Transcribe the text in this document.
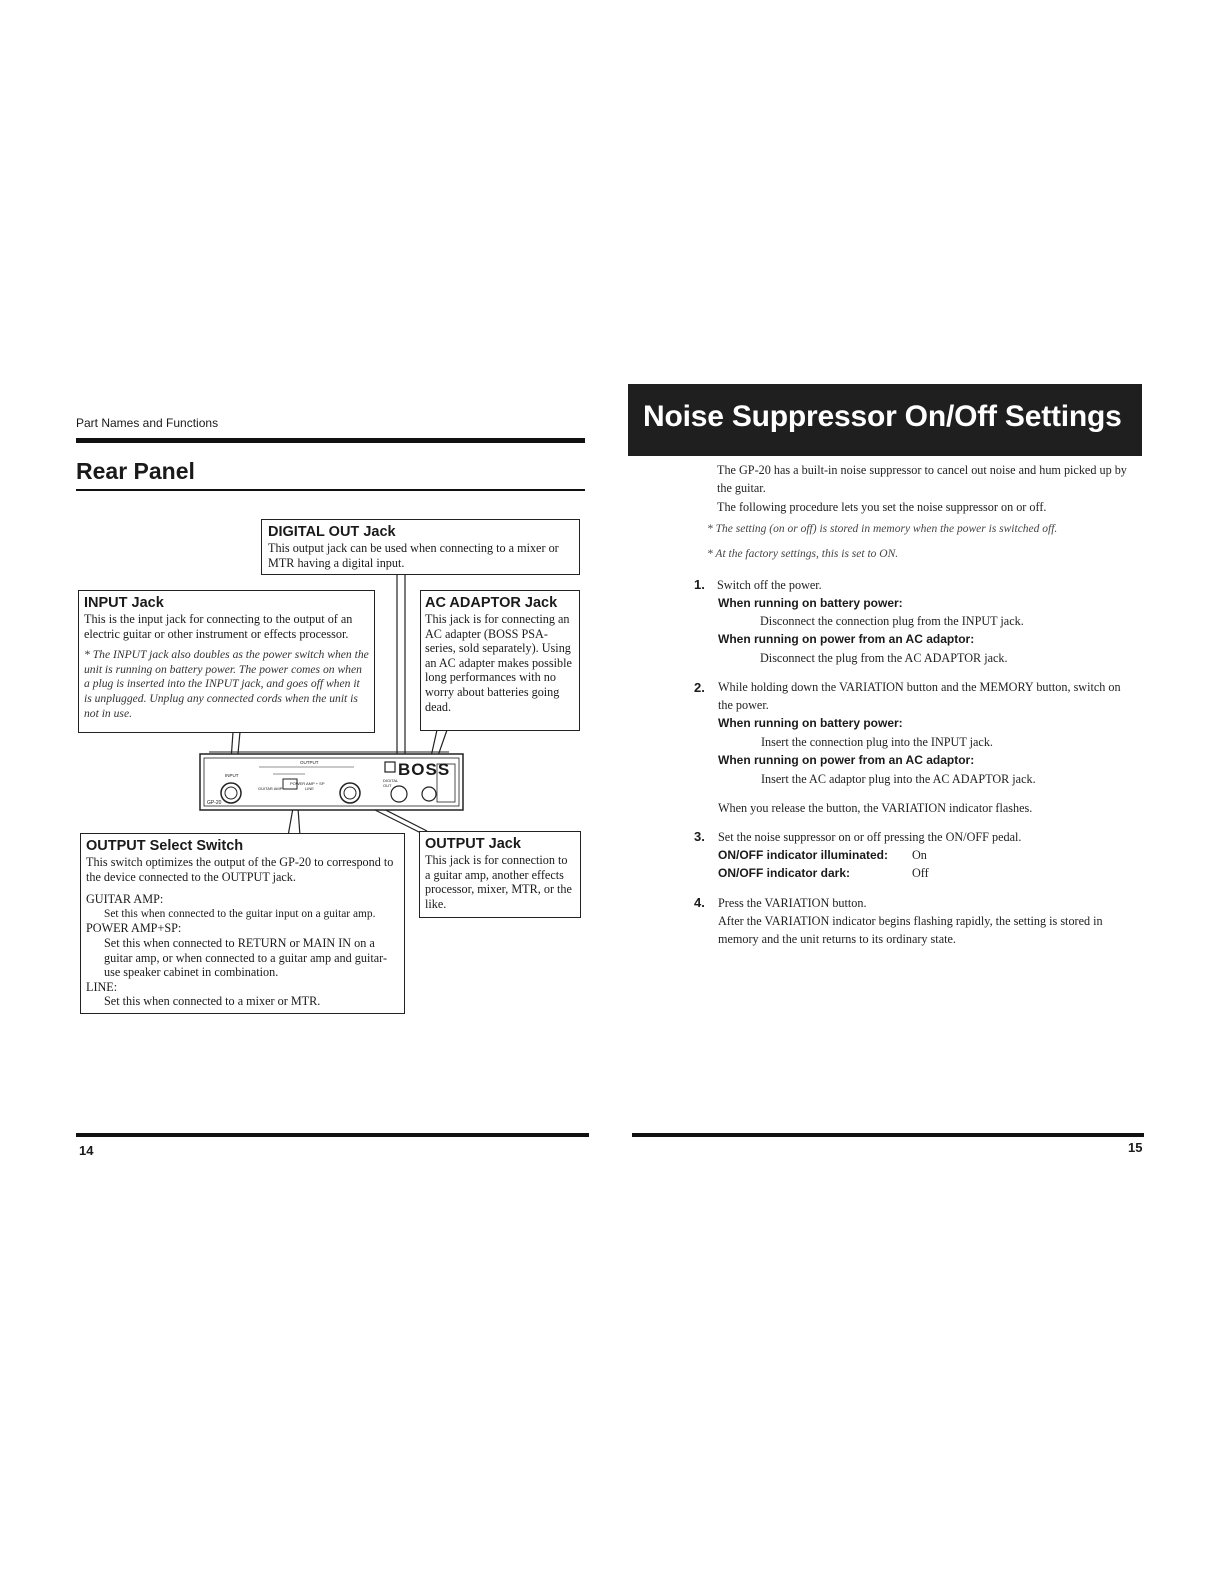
Part Names and Functions
Rear Panel
BOSS
GP-20
INPUT
OUTPUT
POWER AMP + SP
GUITAR AMP	LINE
DIGITAL OUT
DIGITAL OUT Jack

This output jack can be used when connecting to a mixer or MTR having a digital input.

INPUT Jack

This is the input jack for connecting to the output of an electric guitar or other instrument or effects processor.

* The INPUT jack also doubles as the power switch when the unit is running on battery power. The power comes on when a plug is inserted into the INPUT jack, and goes off when it is unplugged. Unplug any connected cords when the unit is not in use.

AC ADAPTOR Jack

This jack is for connecting an AC adapter (BOSS PSA-series, sold separately). Using an AC adapter makes possible long performances with no worry about batteries going dead.

OUTPUT Select Switch

This switch optimizes the output of the GP-20 to correspond to the device connected to the OUTPUT jack.

GUITAR AMP:

Set this when connected to the guitar input on a guitar amp.

POWER AMP+SP:

Set this when connected to RETURN or MAIN IN on a guitar amp, or when connected to a guitar amp and guitar-use speaker cabinet in combination.

LINE:

Set this when connected to a mixer or MTR.

OUTPUT Jack

This jack is for connection to a guitar amp, another effects processor, mixer, MTR, or the like.

14
Noise Suppressor On/Off Settings
The GP-20 has a built-in noise suppressor to cancel out noise and hum picked up by the guitar.
The following procedure lets you set the noise suppressor on or off.
* The setting (on or off) is stored in memory when the power is switched off.
* At the factory settings, this is set to ON.
1. Switch off the power.
When running on battery power:
Disconnect the connection plug from the INPUT jack.
When running on power from an AC adaptor:
Disconnect the plug from the AC ADAPTOR jack.
2. While holding down the VARIATION button and the MEMORY button, switch on the power.
When running on battery power:
Insert the connection plug into the INPUT jack.
When running on power from an AC adaptor:
Insert the AC adaptor plug into the AC ADAPTOR jack.
When you release the button, the VARIATION indicator flashes.
3. Set the noise suppressor on or off pressing the ON/OFF pedal.
ON/OFF indicator illuminated: On
ON/OFF indicator dark:	Off
4. Press the VARIATION button.
After the VARIATION indicator begins flashing rapidly, the setting is stored in memory and the unit returns to its ordinary state.
15
